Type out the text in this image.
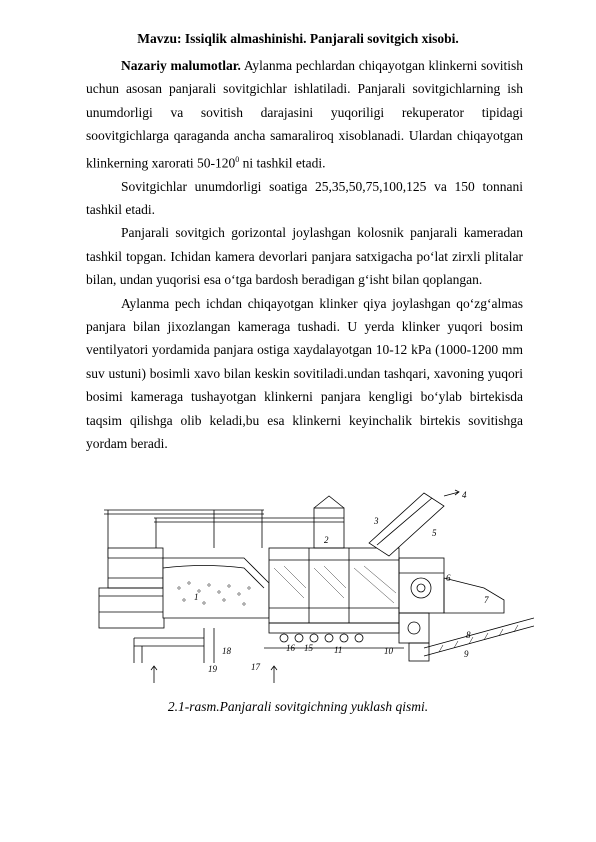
Mavzu: Issiqlik almashinishi. Panjarali sovitgich xisobi.

Nazariy malumotlar. Aylanma pechlardan chiqayotgan klinkerni sovitish uchun asosan panjarali sovitgichlar ishlatiladi. Panjarali sovitgichlarning ish unumdorligi va sovitish darajasini yuqoriligi rekuperator tipidagi soovitgichlarga qaraganda ancha samaraliroq xisoblanadi. Ulardan chiqayotgan klinkerning xarorati $50-120^0$ ni tashkil etadi.

Sovitgichlar unumdorligi soatiga 25,35,50,75,100,125 va 150 tonnani tashkil etadi.

Panjarali sovitgich gorizontal joylashgan kolosnik panjarali kameradan tashkil topgan. Ichidan kamera devorlari panjara satxigacha po‘lat zirxli plitalar bilan, undan yuqorisi esa o‘tga bardosh beradigan g‘isht bilan qoplangan.

Aylanma pech ichdan chiqayotgan klinker qiya joylashgan qo‘zg‘almas panjara bilan jixozlangan kameraga tushadi. U yerda klinker yuqori bosim ventilyatori yordamida panjara ostiga xaydalayotgan 10-12 kPa (1000-1200 mm suv ustuni) bosimli xavo bilan keskin sovitiladi.undan tashqari, xavoning yuqori bosimi kameraga tushayotgan klinkerni panjara kengligi bo‘ylab birtekisda taqsim qilishga olib keladi,bu esa klinkerni keyinchalik birtekis sovitishga yordam beradi.

1
2
3
4
5
6
7
8
9
10
11
15
16
17
18
19
2.1-rasm.Panjarali sovitgichning yuklash qismi.
